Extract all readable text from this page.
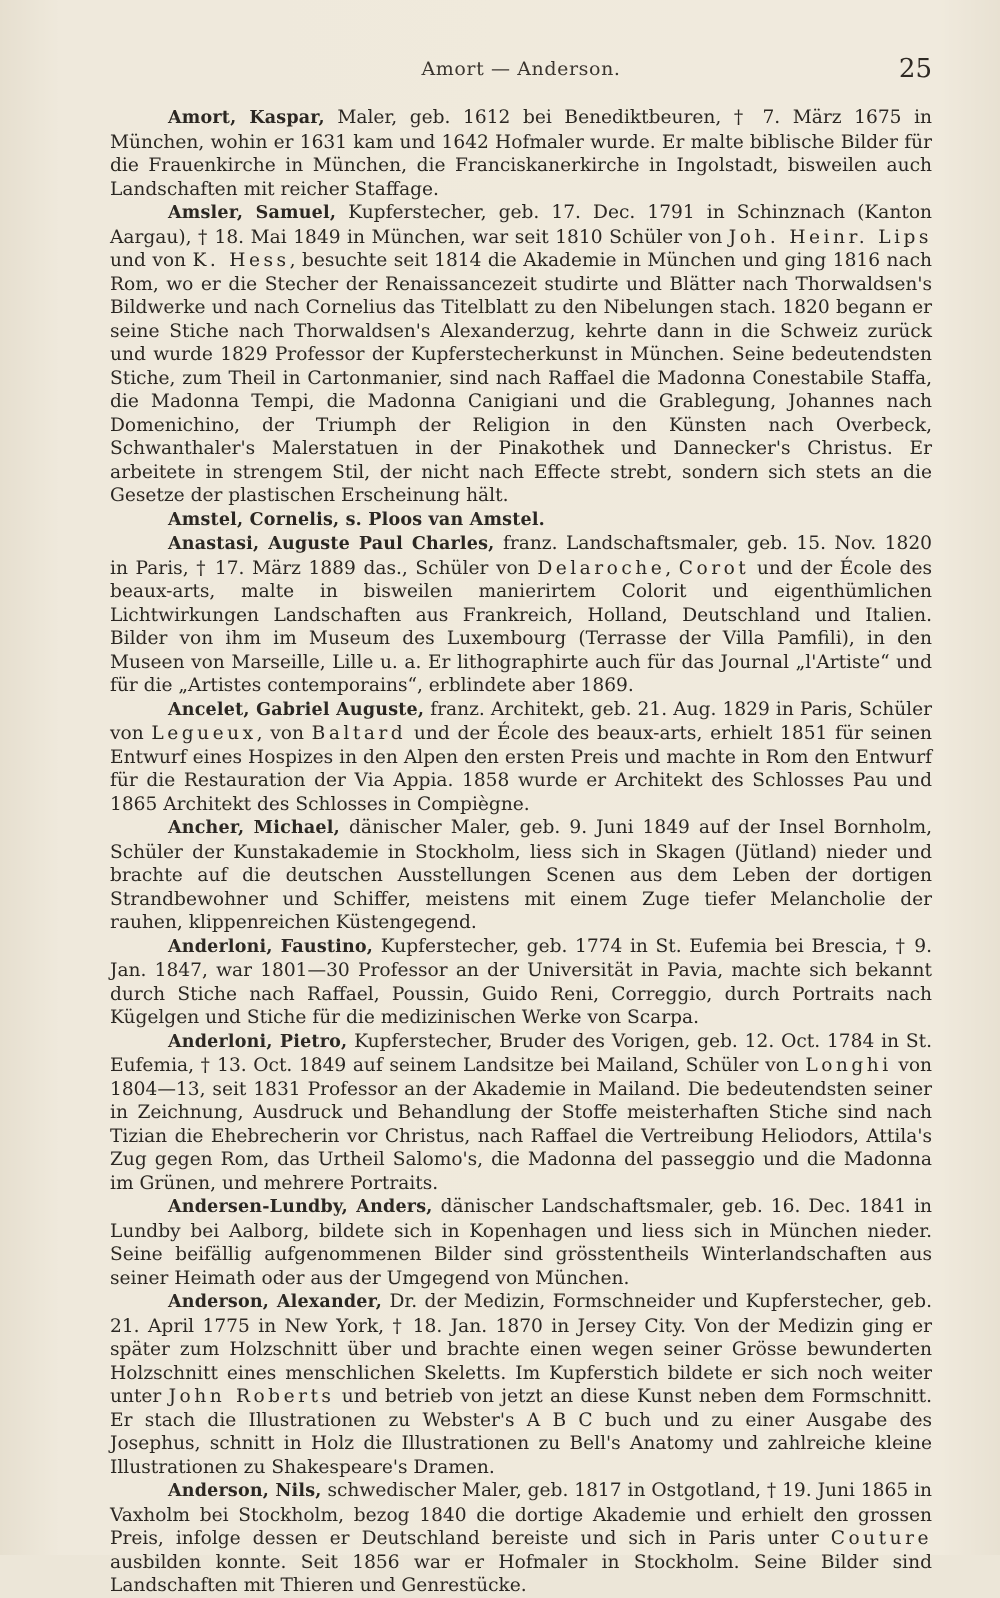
Amort — Anderson.	25

Amort, Kaspar, Maler, geb. 1612 bei Benediktbeuren, † 7. März 1675 in München, wohin er 1631 kam und 1642 Hofmaler wurde. Er malte biblische Bilder für die Frauenkirche in München, die Franciskanerkirche in Ingolstadt, bisweilen auch Landschaften mit reicher Staffage.

Amsler, Samuel, Kupferstecher, geb. 17. Dec. 1791 in Schinznach (Kanton Aargau), † 18. Mai 1849 in München, war seit 1810 Schüler von Joh. Heinr. Lips und von K. Hess, besuchte seit 1814 die Akademie in München und ging 1816 nach Rom, wo er die Stecher der Renaissancezeit studirte und Blätter nach Thorwaldsen's Bildwerke und nach Cornelius das Titelblatt zu den Nibelungen stach. 1820 begann er seine Stiche nach Thorwaldsen's Alexanderzug, kehrte dann in die Schweiz zurück und wurde 1829 Professor der Kupferstecherkunst in München. Seine bedeutendsten Stiche, zum Theil in Cartonmanier, sind nach Raffael die Madonna Conestabile Staffa, die Madonna Tempi, die Madonna Canigiani und die Grablegung, Johannes nach Domenichino, der Triumph der Religion in den Künsten nach Overbeck, Schwanthaler's Malerstatuen in der Pinakothek und Dannecker's Christus. Er arbeitete in strengem Stil, der nicht nach Effecte strebt, sondern sich stets an die Gesetze der plastischen Erscheinung hält.

Amstel, Cornelis, s. Ploos van Amstel.

Anastasi, Auguste Paul Charles, franz. Landschaftsmaler, geb. 15. Nov. 1820 in Paris, † 17. März 1889 das., Schüler von Delaroche, Corot und der École des beaux-arts, malte in bisweilen manierirtem Colorit und eigenthümlichen Lichtwirkungen Landschaften aus Frankreich, Holland, Deutschland und Italien. Bilder von ihm im Museum des Luxembourg (Terrasse der Villa Pamfili), in den Museen von Marseille, Lille u. a. Er lithographirte auch für das Journal „l'Artiste“ und für die „Artistes contemporains“, erblindete aber 1869.

Ancelet, Gabriel Auguste, franz. Architekt, geb. 21. Aug. 1829 in Paris, Schüler von Legueux, von Baltard und der École des beaux-arts, erhielt 1851 für seinen Entwurf eines Hospizes in den Alpen den ersten Preis und machte in Rom den Entwurf für die Restauration der Via Appia. 1858 wurde er Architekt des Schlosses Pau und 1865 Architekt des Schlosses in Compiègne.

Ancher, Michael, dänischer Maler, geb. 9. Juni 1849 auf der Insel Bornholm, Schüler der Kunstakademie in Stockholm, liess sich in Skagen (Jütland) nieder und brachte auf die deutschen Ausstellungen Scenen aus dem Leben der dortigen Strandbewohner und Schiffer, meistens mit einem Zuge tiefer Melancholie der rauhen, klippenreichen Küstengegend.

Anderloni, Faustino, Kupferstecher, geb. 1774 in St. Eufemia bei Brescia, † 9. Jan. 1847, war 1801—30 Professor an der Universität in Pavia, machte sich bekannt durch Stiche nach Raffael, Poussin, Guido Reni, Correggio, durch Portraits nach Kügelgen und Stiche für die medizinischen Werke von Scarpa.

Anderloni, Pietro, Kupferstecher, Bruder des Vorigen, geb. 12. Oct. 1784 in St. Eufemia, † 13. Oct. 1849 auf seinem Landsitze bei Mailand, Schüler von Longhi von 1804—13, seit 1831 Professor an der Akademie in Mailand. Die bedeutendsten seiner in Zeichnung, Ausdruck und Behandlung der Stoffe meisterhaften Stiche sind nach Tizian die Ehebrecherin vor Christus, nach Raffael die Vertreibung Heliodors, Attila's Zug gegen Rom, das Urtheil Salomo's, die Madonna del passeggio und die Madonna im Grünen, und mehrere Portraits.

Andersen-Lundby, Anders, dänischer Landschaftsmaler, geb. 16. Dec. 1841 in Lundby bei Aalborg, bildete sich in Kopenhagen und liess sich in München nieder. Seine beifällig aufgenommenen Bilder sind grösstentheils Winterlandschaften aus seiner Heimath oder aus der Umgegend von München.

Anderson, Alexander, Dr. der Medizin, Formschneider und Kupferstecher, geb. 21. April 1775 in New York, † 18. Jan. 1870 in Jersey City. Von der Medizin ging er später zum Holzschnitt über und brachte einen wegen seiner Grösse bewunderten Holzschnitt eines menschlichen Skeletts. Im Kupferstich bildete er sich noch weiter unter John Roberts und betrieb von jetzt an diese Kunst neben dem Formschnitt. Er stach die Illustrationen zu Webster's A B C buch und zu einer Ausgabe des Josephus, schnitt in Holz die Illustrationen zu Bell's Anatomy und zahlreiche kleine Illustrationen zu Shakespeare's Dramen.

Anderson, Nils, schwedischer Maler, geb. 1817 in Ostgotland, † 19. Juni 1865 in Vaxholm bei Stockholm, bezog 1840 die dortige Akademie und erhielt den grossen Preis, infolge dessen er Deutschland bereiste und sich in Paris unter Couture ausbilden konnte. Seit 1856 war er Hofmaler in Stockholm. Seine Bilder sind Landschaften mit Thieren und Genrestücke.
